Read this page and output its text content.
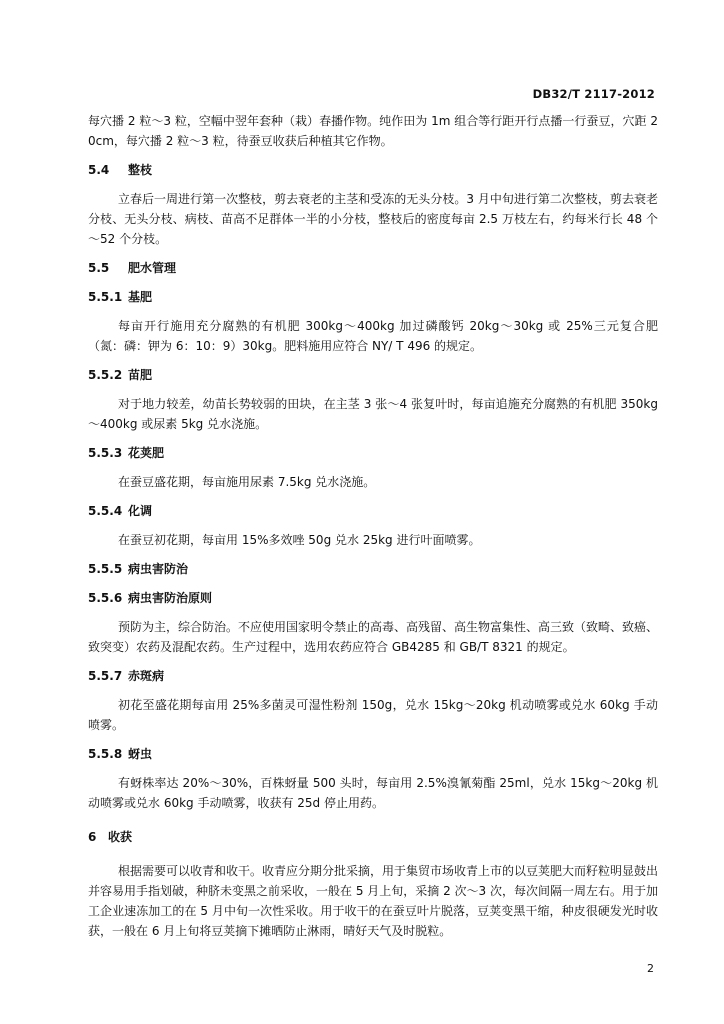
DB32/T 2117-2012

每穴播 2 粒～3 粒，空幅中翌年套种（栽）春播作物。纯作田为 1m 组合等行距开行点播一行蚕豆，穴距 20cm，每穴播 2 粒～3 粒，待蚕豆收获后种植其它作物。

5.4 整枝

立春后一周进行第一次整枝，剪去衰老的主茎和受冻的无头分枝。3 月中旬进行第二次整枝，剪去衰老分枝、无头分枝、病枝、苗高不足群体一半的小分枝，整枝后的密度每亩 2.5 万枝左右，约每米行长 48 个～52 个分枝。

5.5 肥水管理

5.5.1 基肥

每亩开行施用充分腐熟的有机肥 300kg～400kg 加过磷酸钙 20kg～30kg 或 25%三元复合肥（氮：磷：钾为 6：10：9）30kg。肥料施用应符合 NY/ T 496 的规定。

5.5.2 苗肥

对于地力较差，幼苗长势较弱的田块，在主茎 3 张～4 张复叶时，每亩追施充分腐熟的有机肥 350kg～400kg 或尿素 5kg 兑水浇施。

5.5.3 花荚肥

在蚕豆盛花期，每亩施用尿素 7.5kg 兑水浇施。

5.5.4 化调

在蚕豆初花期，每亩用 15%多效唑 50g 兑水 25kg 进行叶面喷雾。

5.5.5 病虫害防治

5.5.6 病虫害防治原则

预防为主，综合防治。不应使用国家明令禁止的高毒、高残留、高生物富集性、高三致（致畸、致癌、致突变）农药及混配农药。生产过程中，选用农药应符合 GB4285 和 GB/T 8321 的规定。

5.5.7 赤斑病

初花至盛花期每亩用 25%多菌灵可湿性粉剂 150g，兑水 15kg～20kg 机动喷雾或兑水 60kg 手动喷雾。

5.5.8 蚜虫

有蚜株率达 20%～30%，百株蚜量 500 头时，每亩用 2.5%溴氰菊酯 25ml，兑水 15kg～20kg 机动喷雾或兑水 60kg 手动喷雾，收获有 25d 停止用药。

6 收获

根据需要可以收青和收干。收青应分期分批采摘，用于集贸市场收青上市的以豆荚肥大而籽粒明显鼓出并容易用手指划破，种脐未变黑之前采收，一般在 5 月上旬，采摘 2 次～3 次，每次间隔一周左右。用于加工企业速冻加工的在 5 月中旬一次性采收。用于收干的在蚕豆叶片脱落，豆荚变黑干缩，种皮很硬发光时收获，一般在 6 月上旬将豆荚摘下摊晒防止淋雨，晴好天气及时脱粒。

2
